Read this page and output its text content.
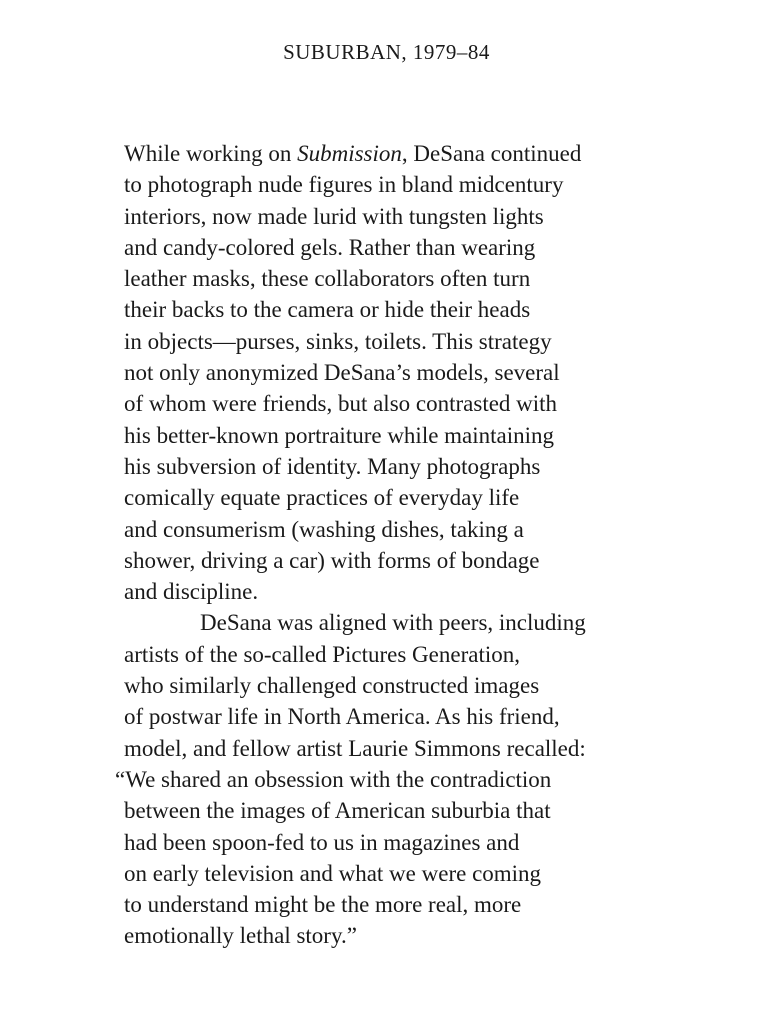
SUBURBAN, 1979–84
While working on Submission, DeSana continued
to photograph nude figures in bland midcentury
interiors, now made lurid with tungsten lights
and candy-colored gels. Rather than wearing
leather masks, these collaborators often turn
their backs to the camera or hide their heads
in objects—purses, sinks, toilets. This strategy
not only anonymized DeSana’s models, several
of whom were friends, but also contrasted with
his better-known portraiture while maintaining
his subversion of identity. Many photographs
comically equate practices of everyday life
and consumerism (washing dishes, taking a
shower, driving a car) with forms of bondage
and discipline.
DeSana was aligned with peers, including
artists of the so-called Pictures Generation,
who similarly challenged constructed images
of postwar life in North America. As his friend,
model, and fellow artist Laurie Simmons recalled:
“We shared an obsession with the contradiction
between the images of American suburbia that
had been spoon-fed to us in magazines and
on early television and what we were coming
to understand might be the more real, more
emotionally lethal story.”
